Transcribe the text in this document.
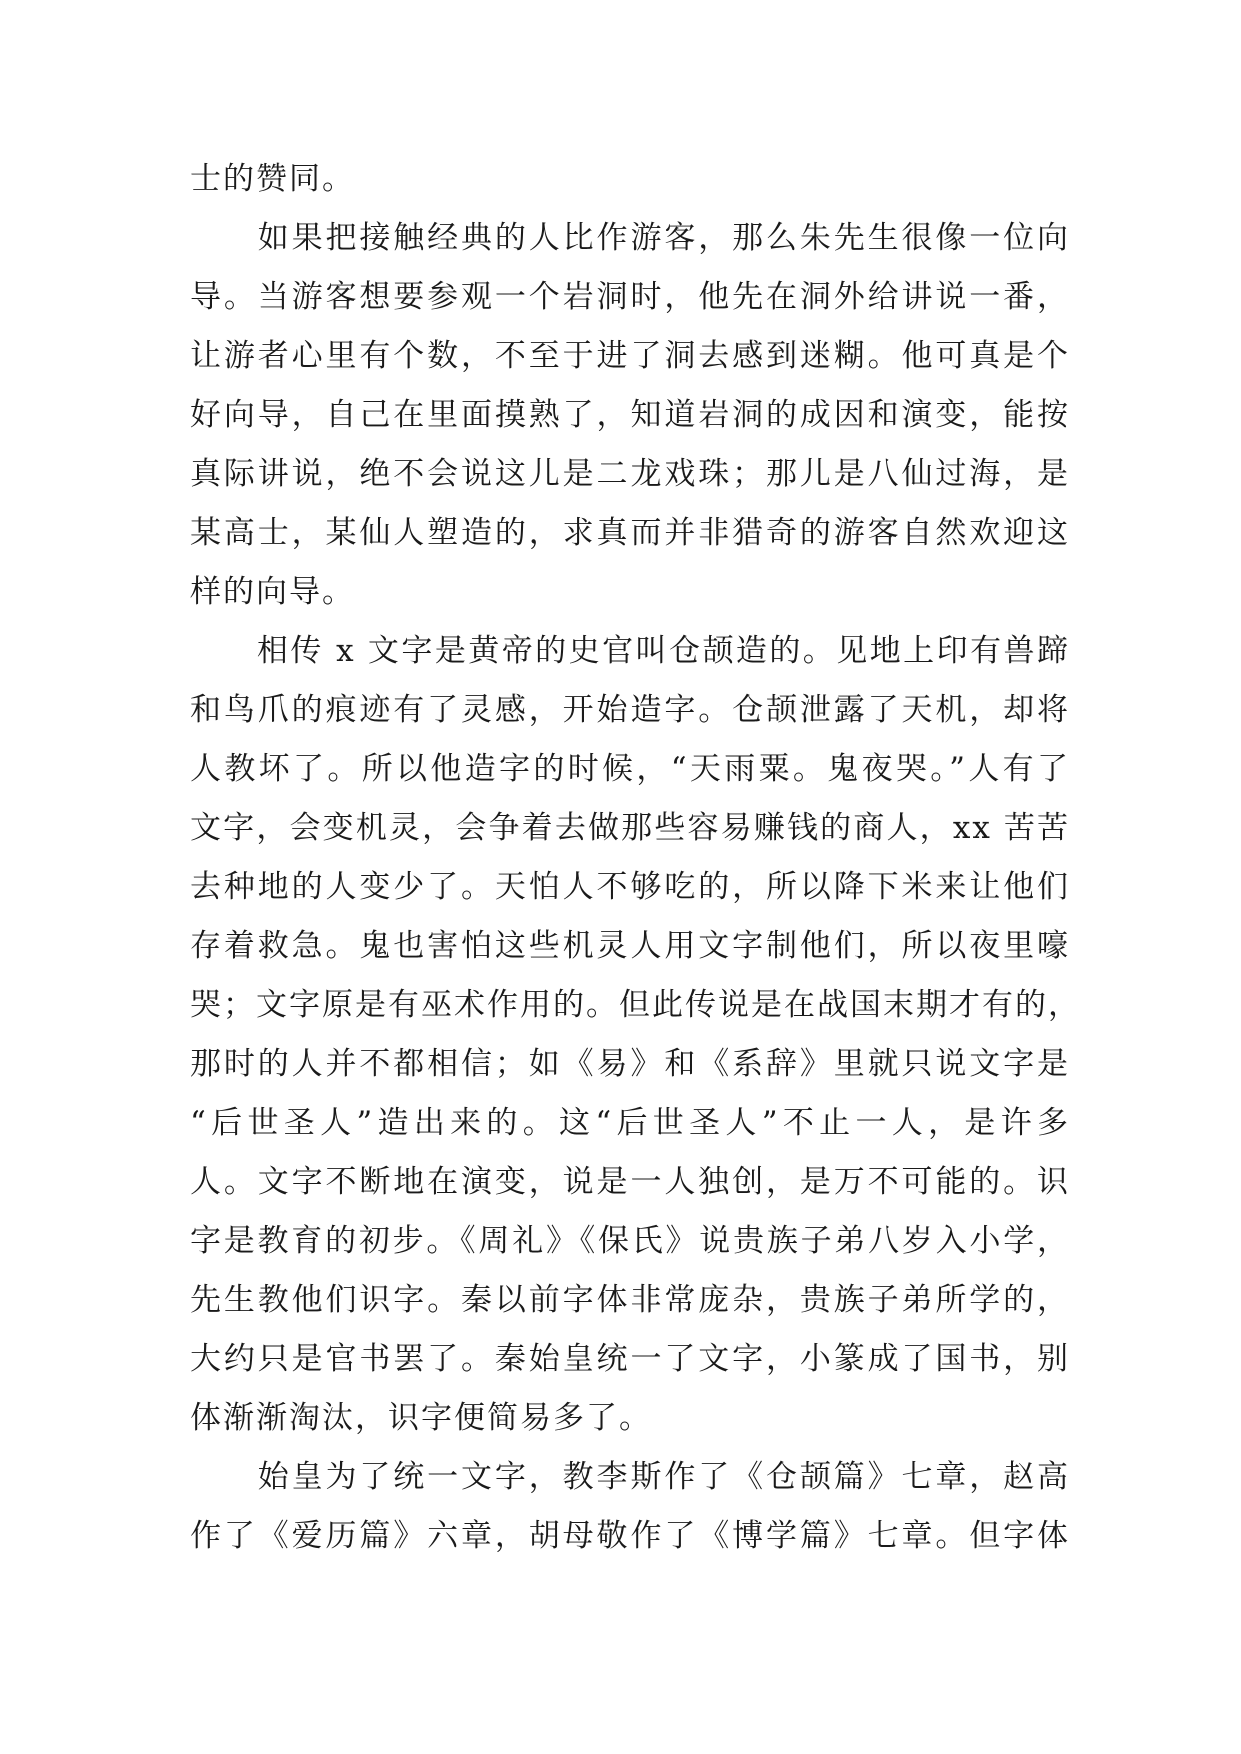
士的赞同。
　　如果把接触经典的人比作游客，那么朱先生很像一位向
导。当游客想要参观一个岩洞时，他先在洞外给讲说一番，
让游者心里有个数，不至于进了洞去感到迷糊。他可真是个
好向导，自己在里面摸熟了，知道岩洞的成因和演变，能按
真际讲说，绝不会说这儿是二龙戏珠；那儿是八仙过海，是
某高士，某仙人塑造的，求真而并非猎奇的游客自然欢迎这
样的向导。
　　相传 x 文字是黄帝的史官叫仓颉造的。见地上印有兽蹄
和鸟爪的痕迹有了灵感，开始造字。仓颉泄露了天机，却将
人教坏了。所以他造字的时候，“天雨粟。鬼夜哭。”人有了
文字，会变机灵，会争着去做那些容易赚钱的商人，xx 苦苦
去种地的人变少了。天怕人不够吃的，所以降下米来让他们
存着救急。鬼也害怕这些机灵人用文字制他们，所以夜里嚎
哭；文字原是有巫术作用的。但此传说是在战国末期才有的，
那时的人并不都相信；如《易》和《系辞》里就只说文字是
“后世圣人”造出来的。这“后世圣人”不止一人，是许多
人。文字不断地在演变，说是一人独创，是万不可能的。识
字是教育的初步。《周礼》《保氏》说贵族子弟八岁入小学，
先生教他们识字。秦以前字体非常庞杂，贵族子弟所学的，
大约只是官书罢了。秦始皇统一了文字，小篆成了国书，别
体渐渐淘汰，识字便简易多了。
　　始皇为了统一文字，教李斯作了《仓颉篇》七章，赵高
作了《爱历篇》六章，胡母敬作了《博学篇》七章。但字体
